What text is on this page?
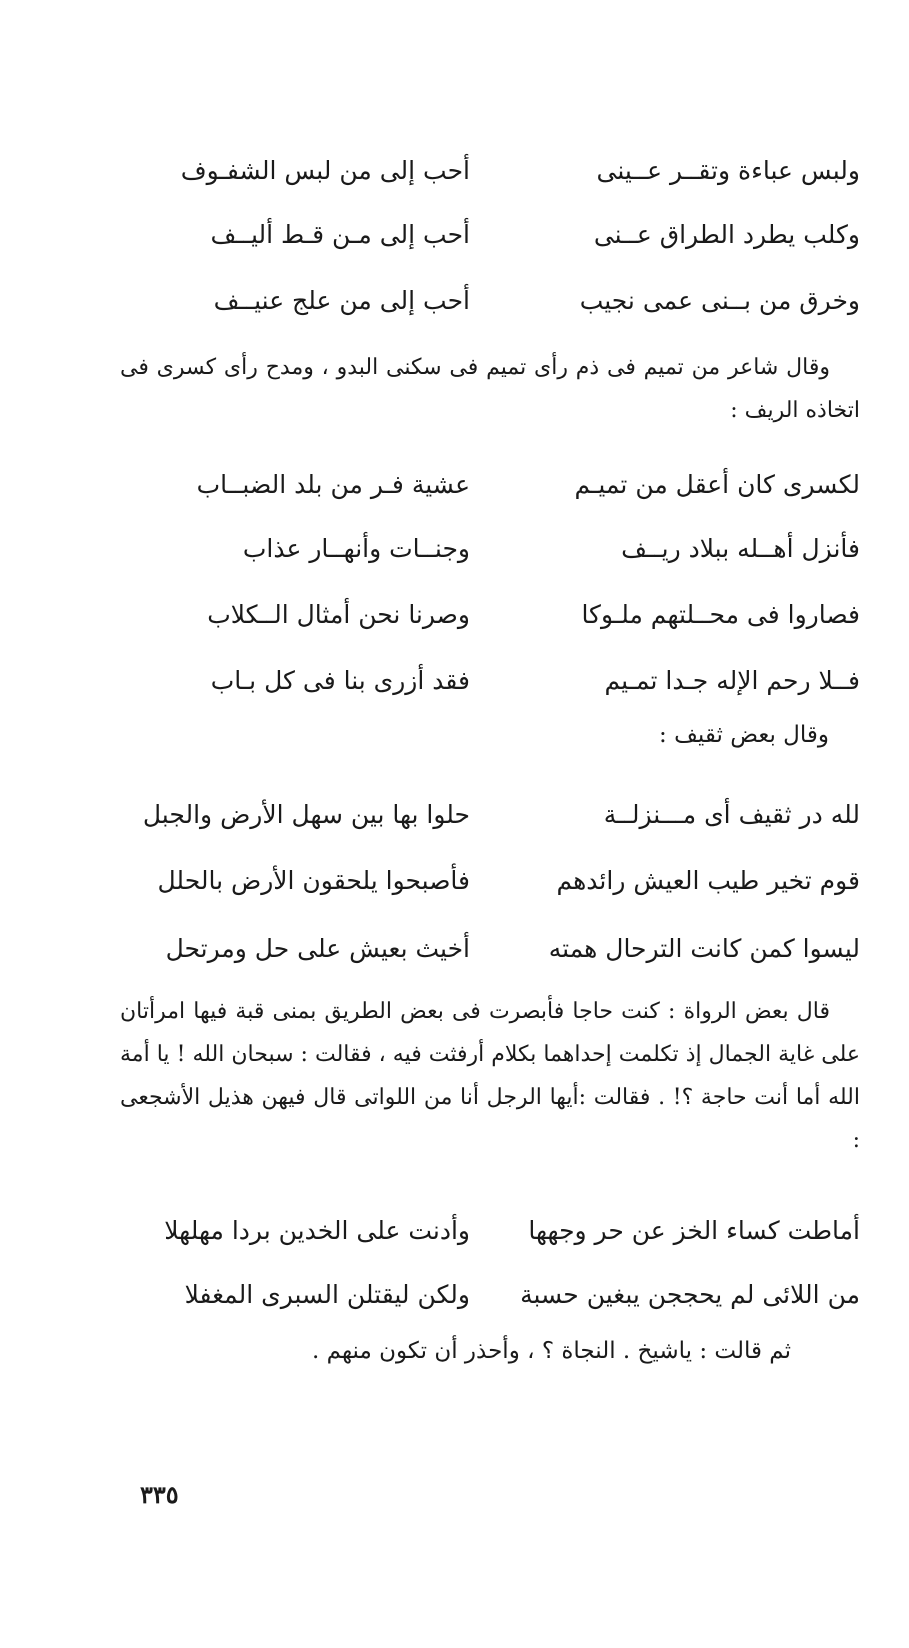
ولبس عباءة وتقــر عــينى
أحب إلى من لبس الشفـوف
وكلب يطرد الطراق عــنى
أحب إلى مـن قـط أليــف
وخرق من بــنى عمى نجيب
أحب إلى من علج عنيــف
وقال شاعر من تميم فى ذم رأى تميم فى سكنى البدو ، ومدح رأى كسرى فى اتخاذه الريف :
لكسرى كان أعقل من تميـم
عشية فـر من بلد الضبــاب
فأنزل أهــله ببلاد ريــف
وجنــات وأنهــار عذاب
فصاروا فى محــلتهم ملـوكا
وصرنا نحن أمثال الــكلاب
فــلا رحم الإله جـدا تمـيم
فقد أزرى بنا فى كل بـاب
وقال بعض ثقيف :
لله در ثقيف أى مـــنزلــة
حلوا بها بين سهل الأرض والجبل
قوم تخير طيب العيش رائدهم
فأصبحوا يلحقون الأرض بالحلل
ليسوا كمن كانت الترحال همته
أخيث بعيش على حل ومرتحل
قال بعض الرواة : كنت حاجا فأبصرت فى بعض الطريق بمنى قبة فيها امرأتان على غاية الجمال إذ تكلمت إحداهما بكلام أرفثت فيه ، فقالت : سبحان الله ! يا أمة الله أما أنت حاجة ؟! . فقالت :أيها الرجل أنا من اللواتى قال فيهن هذيل الأشجعى :
أماطت كساء الخز عن حر وجهها
وأدنت على الخدين بردا مهلهلا
من اللائى لم يحججن يبغين حسبة
ولكن ليقتلن السبرى المغفلا
ثم قالت : ياشيخ . النجاة ؟ ، وأحذر أن تكون منهم .
٣٣٥
